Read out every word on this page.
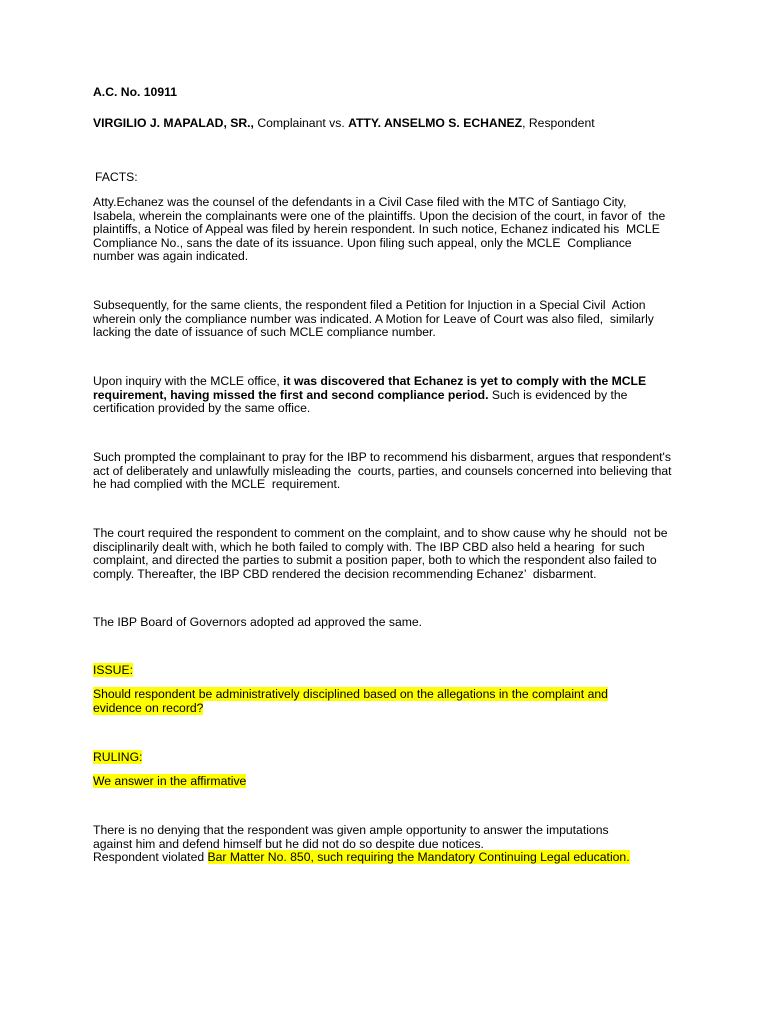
A.C. No. 10911
VIRGILIO J. MAPALAD, SR., Complainant vs. ATTY. ANSELMO S. ECHANEZ, Respondent
FACTS:
Atty.Echanez was the counsel of the defendants in a Civil Case filed with the MTC of Santiago City,
Isabela, wherein the complainants were one of the plaintiffs. Upon the decision of the court, in favor of  the
plaintiffs, a Notice of Appeal was filed by herein respondent. In such notice, Echanez indicated his  MCLE
Compliance No., sans the date of its issuance. Upon filing such appeal, only the MCLE  Compliance
number was again indicated.
Subsequently, for the same clients, the respondent filed a Petition for Injuction in a Special Civil  Action
wherein only the compliance number was indicated. A Motion for Leave of Court was also filed,  similarly
lacking the date of issuance of such MCLE compliance number.
Upon inquiry with the MCLE office, it was discovered that Echanez is yet to comply with the MCLE
requirement, having missed the first and second compliance period. Such is evidenced by the
certification provided by the same office.
Such prompted the complainant to pray for the IBP to recommend his disbarment, argues that respondent's
act of deliberately and unlawfully misleading the  courts, parties, and counsels concerned into believing that
he had complied with the MCLE  requirement.
The court required the respondent to comment on the complaint, and to show cause why he should  not be
disciplinarily dealt with, which he both failed to comply with. The IBP CBD also held a hearing  for such
complaint, and directed the parties to submit a position paper, both to which the respondent also failed to
comply. Thereafter, the IBP CBD rendered the decision recommending Echanez’  disbarment.
The IBP Board of Governors adopted ad approved the same.
ISSUE:
Should respondent be administratively disciplined based on the allegations in the complaint and
evidence on record?
RULING:
We answer in the affirmative
There is no denying that the respondent was given ample opportunity to answer the imputations
against him and defend himself but he did not do so despite due notices.
Respondent violated Bar Matter No. 850, such requiring the Mandatory Continuing Legal education.
